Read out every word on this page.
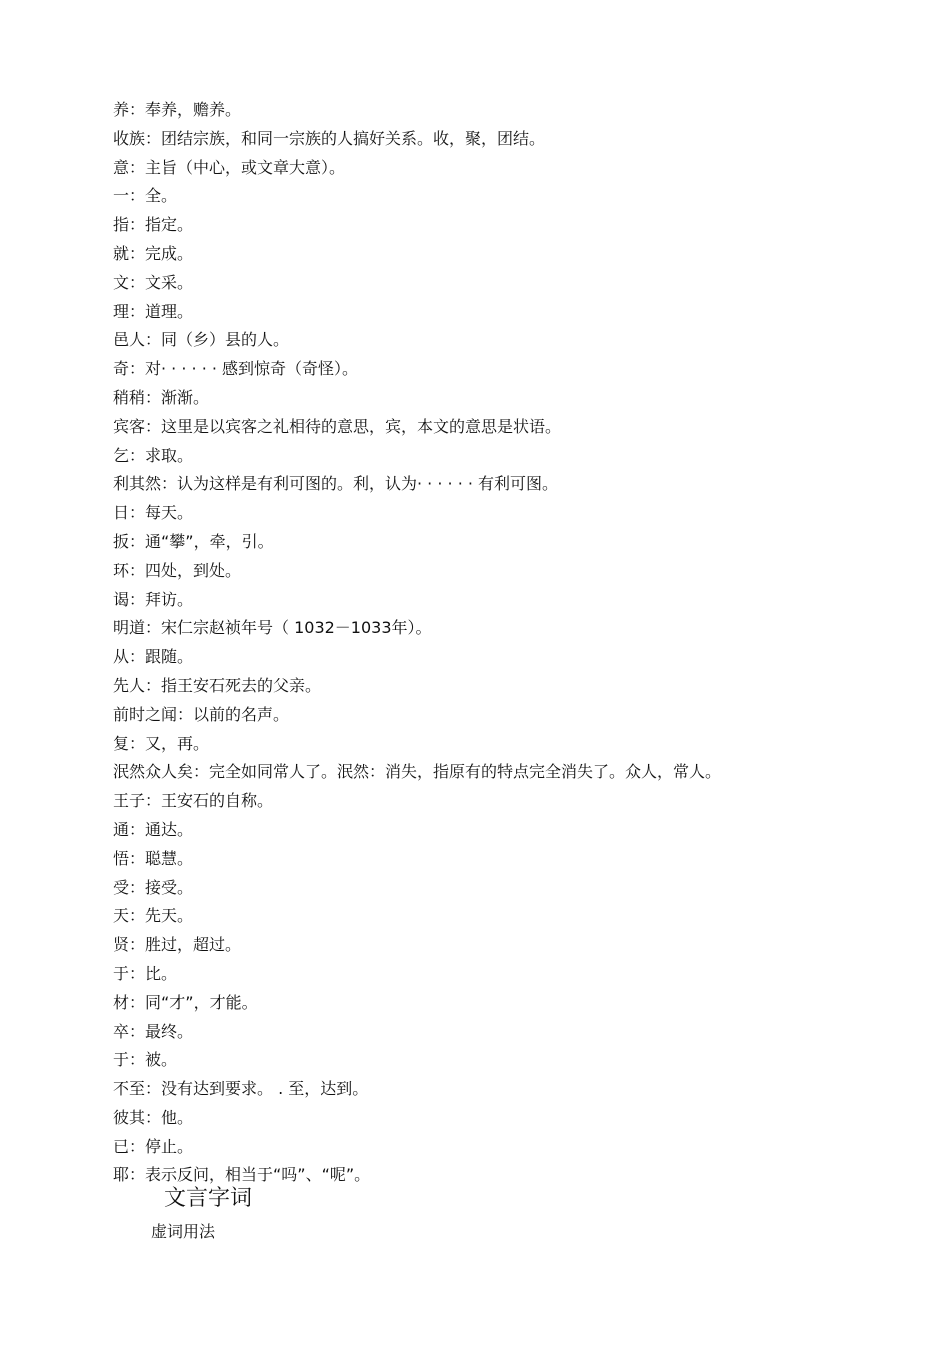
养：奉养，赡养。
收族：团结宗族，和同一宗族的人搞好关系。收，聚，团结。
意：主旨（中心，或文章大意）。
一：全。
指：指定。
就：完成。
文：文采。
理：道理。
邑人：同（乡）县的人。
奇：对· · · · · · 感到惊奇（奇怪）。
稍稍：渐渐。
宾客：这里是以宾客之礼相待的意思，宾，本文的意思是状语。
乞：求取。
利其然：认为这样是有利可图的。利，认为· · · · · · 有利可图。
日：每天。
扳：通“攀”，牵，引。
环：四处，到处。
谒：拜访。
明道：宋仁宗赵祯年号（ 1032－1033年）。
从：跟随。
先人：指王安石死去的父亲。
前时之闻：以前的名声。
复：又，再。
泯然众人矣：完全如同常人了。泯然：消失，指原有的特点完全消失了。众人，常人。
王子：王安石的自称。
通：通达。
悟：聪慧。
受：接受。
天：先天。
贤：胜过，超过。
于：比。
材：同“才”，才能。
卒：最终。
于：被。
不至：没有达到要求。 . 至，达到。
彼其：他。
已：停止。
耶：表示反问，相当于“吗”、“呢”。
文言字词
虚词用法
